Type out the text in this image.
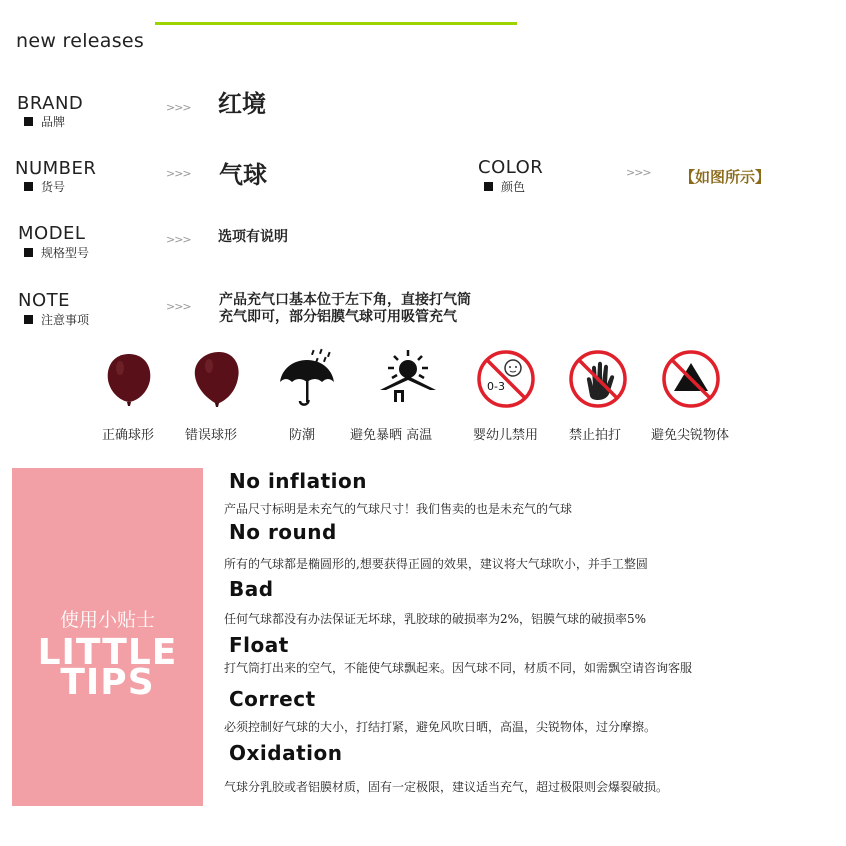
new releases
BRAND
品牌
>>> 红境
NUMBER
货号
>>> 气球	COLOR
颜色
>>> 【如图所示】
MODEL
规格型号
>>> 选项有说明
NOTE
注意事项
>>> 产品充气口基本位于左下角，直接打气筒
充气即可，部分铝膜气球可用吸管充气
0-3
正确球形 错误球形	防潮	避免暴晒 高温	婴幼儿禁用 禁止拍打 避免尖锐物体
使用小贴士
LITTLE
TIPS
No inflation
产品尺寸标明是未充气的气球尺寸！我们售卖的也是未充气的气球
No round
所有的气球都是椭圆形的,想要获得正圆的效果，建议将大气球吹小，并手工整圆
Bad
任何气球都没有办法保证无坏球，乳胶球的破损率为2%，铝膜气球的破损率5%
Float
打气筒打出来的空气，不能使气球飘起来。因气球不同，材质不同，如需飘空请咨询客服
Correct
必须控制好气球的大小，打结打紧，避免风吹日晒，高温，尖锐物体，过分摩擦。
Oxidation
气球分乳胶或者铝膜材质，固有一定极限，建议适当充气，超过极限则会爆裂破损。
